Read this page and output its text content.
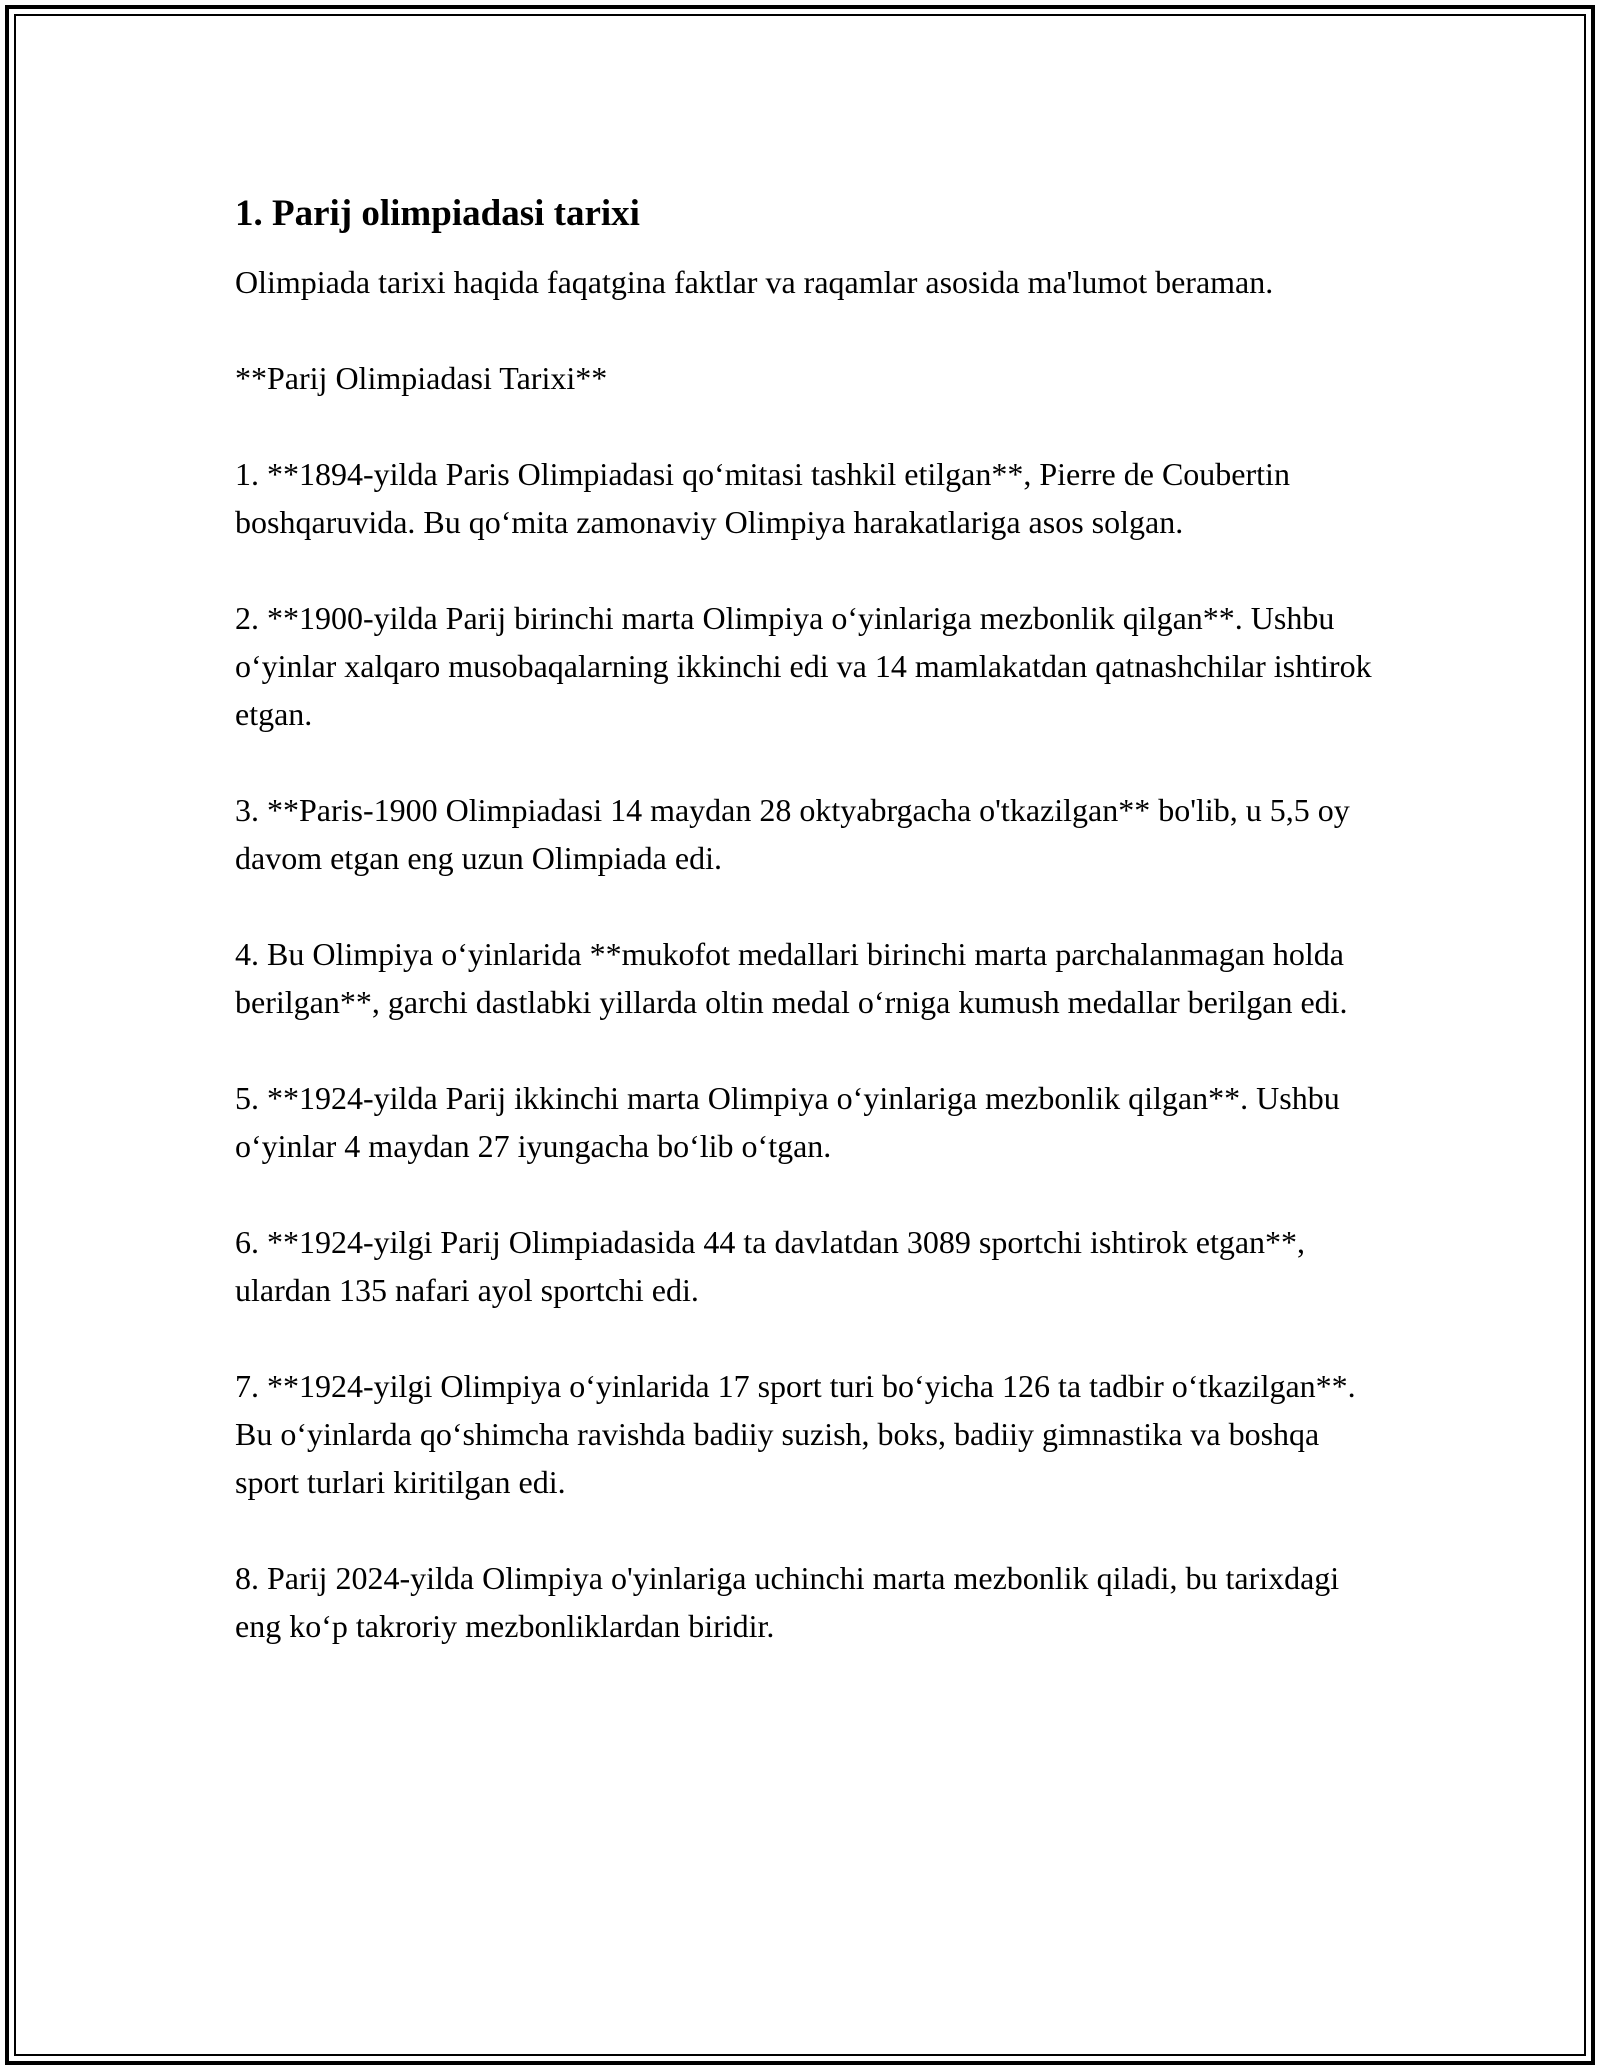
1. Parij olimpiadasi tarixi

Olimpiada tarixi haqida faqatgina faktlar va raqamlar asosida ma'lumot beraman.

**Parij Olimpiadasi Tarixi**

1. **1894-yilda Paris Olimpiadasi qo‘mitasi tashkil etilgan**, Pierre de Coubertin boshqaruvida. Bu qo‘mita zamonaviy Olimpiya harakatlariga asos solgan.

2. **1900-yilda Parij birinchi marta Olimpiya o‘yinlariga mezbonlik qilgan**. Ushbu o‘yinlar xalqaro musobaqalarning ikkinchi edi va 14 mamlakatdan qatnashchilar ishtirok etgan.

3. **Paris-1900 Olimpiadasi 14 maydan 28 oktyabrgacha o'tkazilgan** bo'lib, u 5,5 oy davom etgan eng uzun Olimpiada edi.

4. Bu Olimpiya o‘yinlarida **mukofot medallari birinchi marta parchalanmagan holda berilgan**, garchi dastlabki yillarda oltin medal o‘rniga kumush medallar berilgan edi.

5. **1924-yilda Parij ikkinchi marta Olimpiya o‘yinlariga mezbonlik qilgan**. Ushbu o‘yinlar 4 maydan 27 iyungacha bo‘lib o‘tgan.

6. **1924-yilgi Parij Olimpiadasida 44 ta davlatdan 3089 sportchi ishtirok etgan**, ulardan 135 nafari ayol sportchi edi.

7. **1924-yilgi Olimpiya o‘yinlarida 17 sport turi bo‘yicha 126 ta tadbir o‘tkazilgan**. Bu o‘yinlarda qo‘shimcha ravishda badiiy suzish, boks, badiiy gimnastika va boshqa sport turlari kiritilgan edi.

8. Parij 2024-yilda Olimpiya o'yinlariga uchinchi marta mezbonlik qiladi, bu tarixdagi eng ko‘p takroriy mezbonliklardan biridir.
